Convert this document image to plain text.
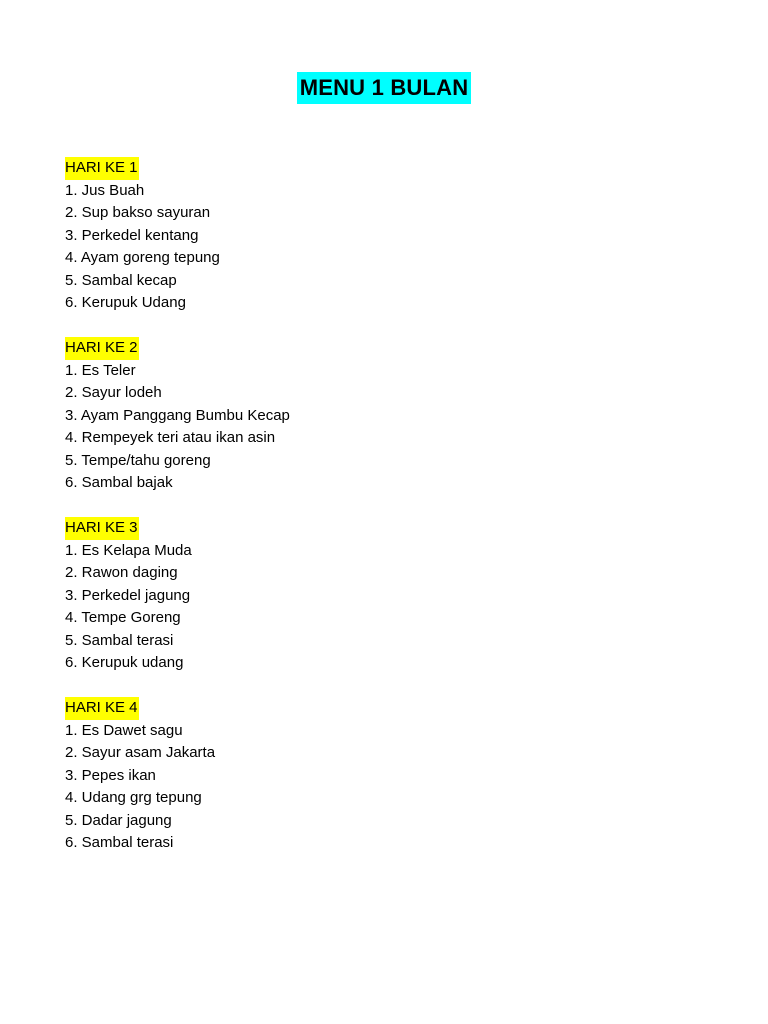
MENU 1 BULAN
HARI KE 1
1. Jus Buah
2. Sup bakso sayuran
3. Perkedel kentang
4. Ayam goreng tepung
5. Sambal kecap
6. Kerupuk Udang
HARI KE 2
1. Es Teler
2. Sayur lodeh
3. Ayam Panggang Bumbu Kecap
4. Rempeyek teri atau ikan asin
5. Tempe/tahu goreng
6. Sambal bajak
HARI KE 3
1. Es Kelapa Muda
2. Rawon daging
3. Perkedel jagung
4. Tempe Goreng
5. Sambal terasi
6. Kerupuk udang
HARI KE 4
1. Es Dawet sagu
2. Sayur asam Jakarta
3. Pepes ikan
4. Udang grg tepung
5. Dadar jagung
6. Sambal terasi
